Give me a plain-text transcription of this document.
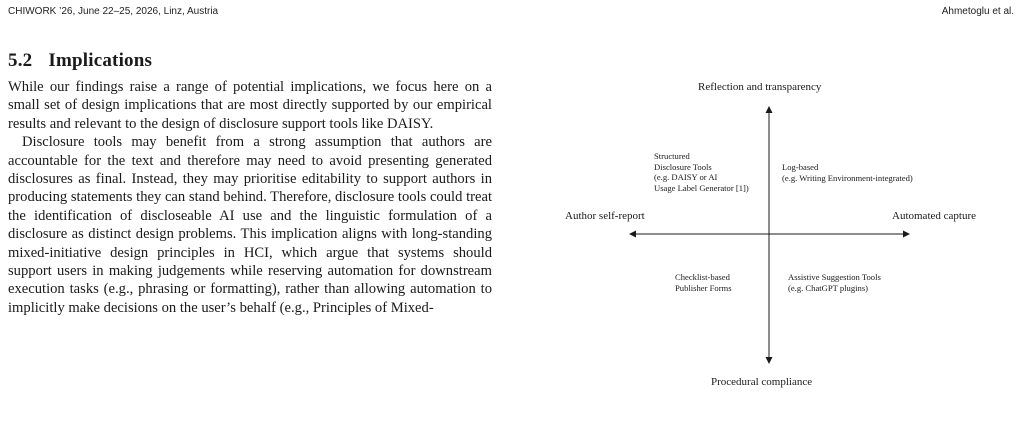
CHIWORK ’26, June 22–25, 2026, Linz, Austria	Ahmetoglu et al.
5.2 Implications

While our findings raise a range of potential implications, we focus here on a small set of design implications that are most directly supported by our empirical results and relevant to the design of disclosure support tools like DAISY.

Disclosure tools may benefit from a strong assumption that authors are accountable for the text and therefore may need to avoid presenting generated disclosures as final. Instead, they may prioritise editability to support authors in producing statements they can stand behind. Therefore, disclosure tools could treat the identification of discloseable AI use and the linguistic formulation of a disclosure as distinct design problems. This implication aligns with long-standing mixed-initiative design principles in HCI, which argue that systems should support users in making judgements while reserving automation for downstream execution tasks (e.g., phrasing or formatting), rather than allowing automation to implicitly make decisions on the user’s behalf (e.g., Principles of Mixed-

Reflection and transparency
Procedural compliance
Author self-report	Automated capture
Structured
Disclosure Tools
(e.g. DAISY or AI
Usage Label Generator [1])
Log-based
(e.g. Writing Environment-integrated)
Checklist-based
Publisher Forms
Assistive Suggestion Tools
(e.g. ChatGPT plugins)
